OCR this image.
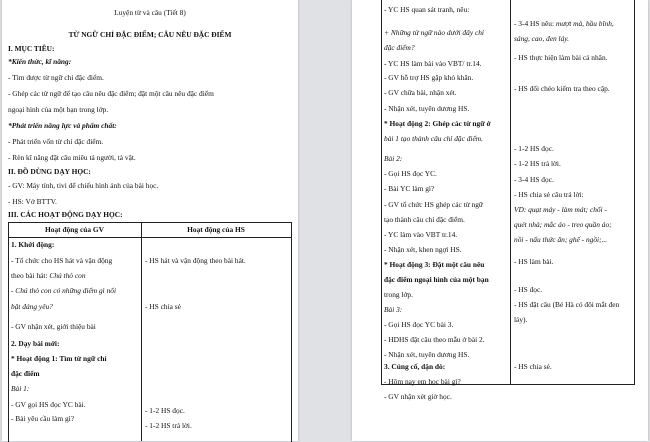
Luyện từ và câu (Tiết 8)
TỪ NGỮ CHỈ ĐẶC ĐIỂM; CÂU NÊU ĐẶC ĐIỂM
I. MỤC TIÊU:
*Kiến thức, kĩ năng:
- Tìm được từ ngữ chỉ đặc điểm.
- Ghép các từ ngữ để tạo câu nêu đặc điểm; đặt một câu nêu đặc điểm
ngoại hình của một bạn trong lớp.
*Phát triển năng lực và phẩm chất:
- Phát triển vốn từ chỉ đặc điểm.
- Rèn kĩ năng đặt câu miêu tả người, tả vật.
II. ĐỒ DÙNG DẠY HỌC:
- GV: Máy tính, tivi để chiếu hình ảnh của bài học.
- HS: Vở BTTV.
III. CÁC HOẠT ĐỘNG DẠY HỌC:
Hoạt động của GV	Hoạt động của HS
1. Khởi động:
- Tổ chức cho HS hát và vận động
theo bài hát: Chú thỏ con
- Chú thỏ con có những điểm gì nổi
bật đáng yêu?
- GV nhận xét, giới thiệu bài
2. Dạy bài mới:
* Hoạt động 1: Tìm từ ngữ chỉ
đặc điểm
Bài 1:
- GV gọi HS đọc YC bài.
- Bài yêu cầu làm gì?
- HS hát và vận động theo bài hát.
- HS chia sẻ
- 1-2 HS đọc.
- 1-2 HS trả lời.
- YC HS quan sát tranh, nêu:
+ Những từ ngữ nào dưới đây chỉ
đặc điểm?
- YC HS làm bài vào VBT/ tr.14.
- GV hỗ trợ HS gặp khó khăn.
- GV chữa bài, nhận xét.
- Nhận xét, tuyên dương HS.
* Hoạt động 2: Ghép các từ ngữ ở
bài 1 tạo thành câu chỉ đặc điểm.
Bài 2:
- Gọi HS đọc YC.
- Bài YC làm gì?
- GV tổ chức HS ghép các từ ngữ
tạo thành câu chỉ đặc điểm.
- YC làm vào VBT tr.14.
- Nhận xét, khen ngợi HS.
* Hoạt động 3: Đặt một câu nêu
đặc điểm ngoại hình của một bạn
trong lớp.
Bài 3:
- Gọi HS đọc YC bài 3.
- HDHS đặt câu theo mẫu ở bài 2.
- Nhận xét, tuyên dương HS.
3. Củng cố, dặn dò:
- Hôm nay em học bài gì?
- GV nhận xét giờ học.
- 3-4 HS nêu: mượt mà, bầu bĩnh,
sáng, cao, đen láy.
- HS thực hiện làm bài cá nhân.
- HS đổi chéo kiểm tra theo cặp.
- 1-2 HS đọc.
- 1-2 HS trả lời.
- 3-4 HS đọc.
- HS chia sẻ câu trả lời:
VD: quạt máy - làm mát; chổi -
quét nhà; mắc áo - treo quần áo;
nồi - nấu thức ăn; ghế - ngồi;...
- HS làm bài.
- HS đọc.
- HS đặt câu (Bé Hà có đôi mắt đen
láy).
- HS chia sẻ.
